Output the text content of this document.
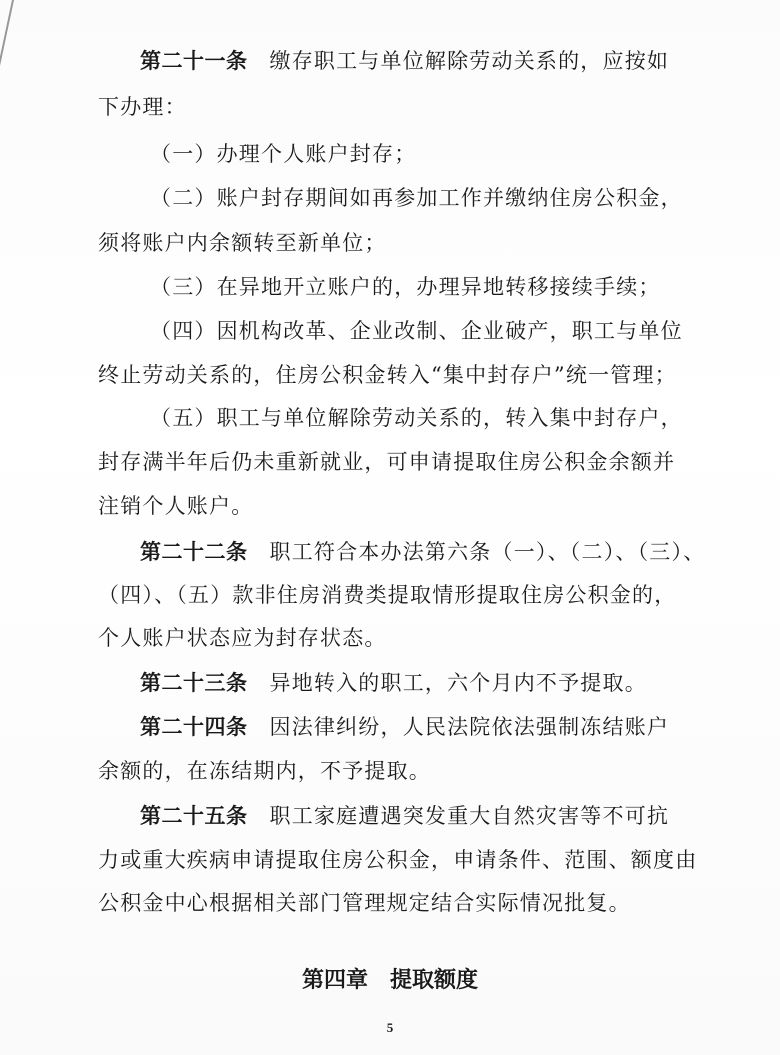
第二十一条 缴存职工与单位解除劳动关系的，应按如
下办理：
（一）办理个人账户封存；
（二）账户封存期间如再参加工作并缴纳住房公积金，
须将账户内余额转至新单位；
（三）在异地开立账户的，办理异地转移接续手续；
（四）因机构改革、企业改制、企业破产，职工与单位
终止劳动关系的，住房公积金转入“集中封存户”统一管理；
（五）职工与单位解除劳动关系的，转入集中封存户，
封存满半年后仍未重新就业，可申请提取住房公积金余额并
注销个人账户。
第二十二条 职工符合本办法第六条（一）、（二）、（三）、
（四）、（五）款非住房消费类提取情形提取住房公积金的，
个人账户状态应为封存状态。
第二十三条 异地转入的职工，六个月内不予提取。
第二十四条 因法律纠纷，人民法院依法强制冻结账户
余额的，在冻结期内，不予提取。
第二十五条 职工家庭遭遇突发重大自然灾害等不可抗
力或重大疾病申请提取住房公积金，申请条件、范围、额度由
公积金中心根据相关部门管理规定结合实际情况批复。
第四章 提取额度
5
